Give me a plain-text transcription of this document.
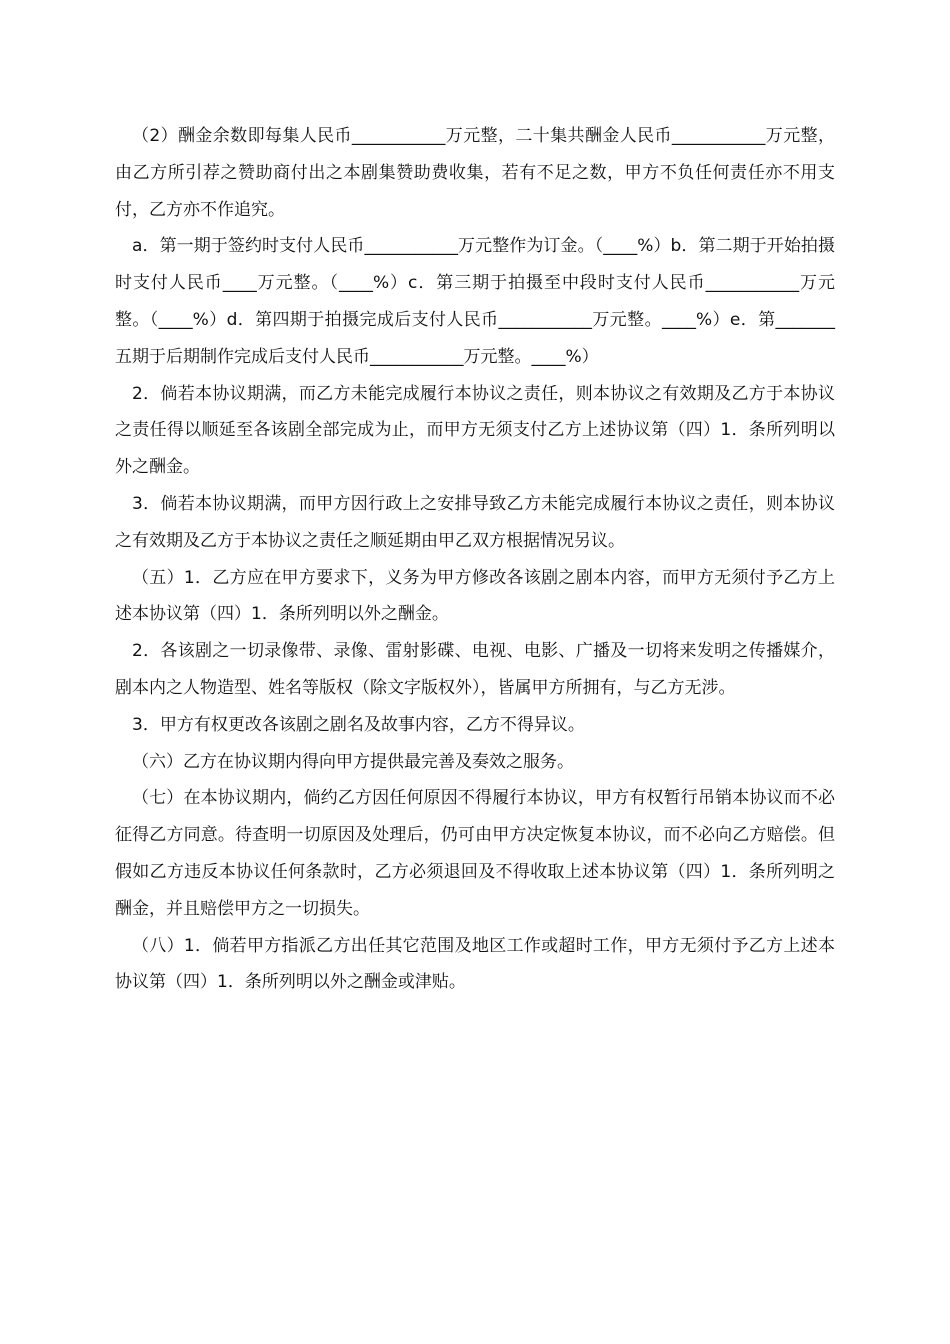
（2）酬金余数即每集人民币___________万元整，二十集共酬金人民币___________万元整，由乙方所引荐之赞助商付出之本剧集赞助费收集，若有不足之数，甲方不负任何责任亦不用支付，乙方亦不作追究。

a．第一期于签约时支付人民币___________万元整作为订金。（____%）b．第二期于开始拍摄时支付人民币____万元整。（____%）c．第三期于拍摄至中段时支付人民币___________万元整。（____%）d．第四期于拍摄完成后支付人民币___________万元整。____%）e．第_______五期于后期制作完成后支付人民币___________万元整。____%）

2．倘若本协议期满，而乙方未能完成履行本协议之责任，则本协议之有效期及乙方于本协议之责任得以顺延至各该剧全部完成为止，而甲方无须支付乙方上述协议第（四）1．条所列明以外之酬金。

3．倘若本协议期满，而甲方因行政上之安排导致乙方未能完成履行本协议之责任，则本协议之有效期及乙方于本协议之责任之顺延期由甲乙双方根据情况另议。

（五）1．乙方应在甲方要求下，义务为甲方修改各该剧之剧本内容，而甲方无须付予乙方上述本协议第（四）1．条所列明以外之酬金。

2．各该剧之一切录像带、录像、雷射影碟、电视、电影、广播及一切将来发明之传播媒介，剧本内之人物造型、姓名等版权（除文字版权外），皆属甲方所拥有，与乙方无涉。

3．甲方有权更改各该剧之剧名及故事内容，乙方不得异议。

（六）乙方在协议期内得向甲方提供最完善及奏效之服务。

（七）在本协议期内，倘约乙方因任何原因不得履行本协议，甲方有权暂行吊销本协议而不必征得乙方同意。待查明一切原因及处理后，仍可由甲方决定恢复本协议，而不必向乙方赔偿。但假如乙方违反本协议任何条款时，乙方必须退回及不得收取上述本协议第（四）1．条所列明之酬金，并且赔偿甲方之一切损失。

（八）1．倘若甲方指派乙方出任其它范围及地区工作或超时工作，甲方无须付予乙方上述本协议第（四）1．条所列明以外之酬金或津贴。
